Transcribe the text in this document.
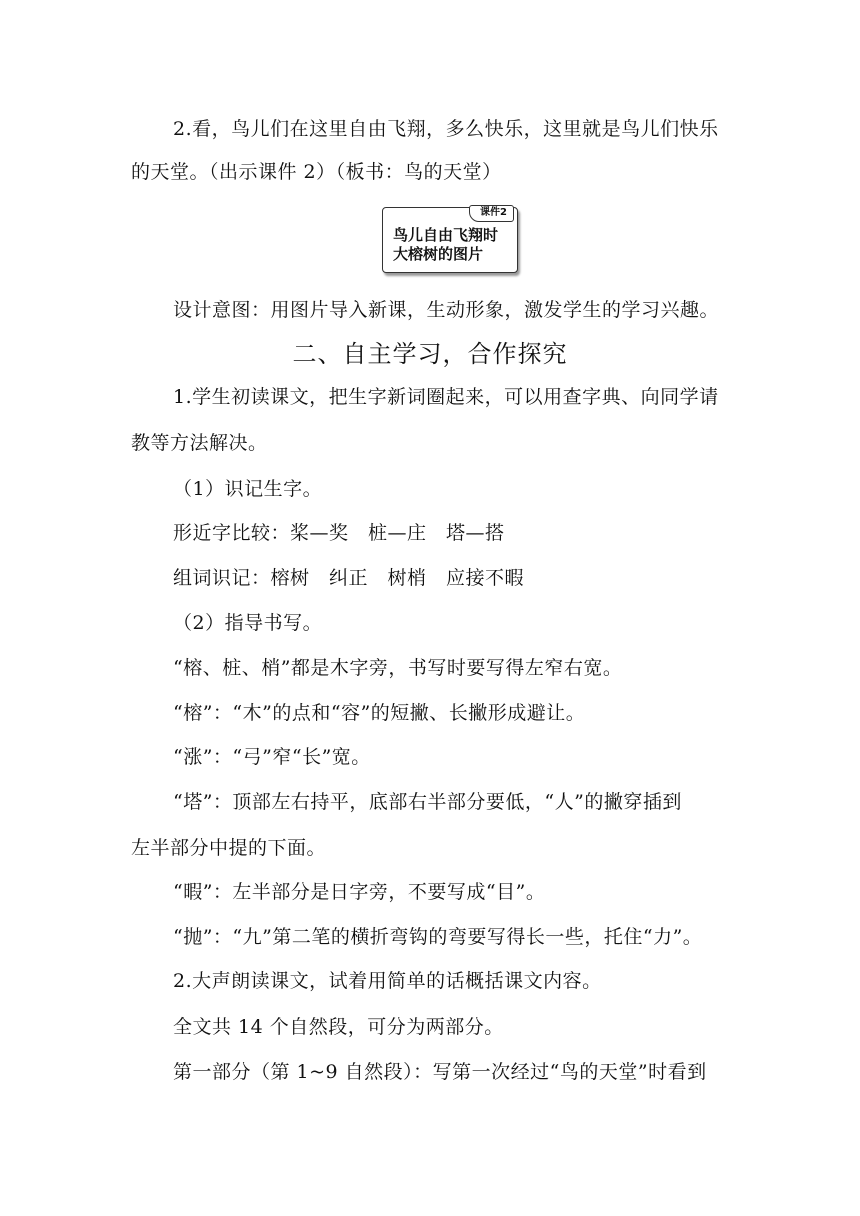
2.看，鸟儿们在这里自由飞翔，多么快乐，这里就是鸟儿们快乐
的天堂。（出示课件 2）（板书：鸟的天堂）
课件2
鸟儿自由飞翔时
大榕树的图片
设计意图：用图片导入新课，生动形象，激发学生的学习兴趣。
二、自主学习，合作探究
1.学生初读课文，把生字新词圈起来，可以用查字典、向同学请
教等方法解决。
（1）识记生字。
形近字比较：桨—奖　桩—庄　塔—搭
组词识记：榕树　纠正　树梢　应接不暇
（2）指导书写。
“榕、桩、梢”都是木字旁，书写时要写得左窄右宽。
“榕”：“木”的点和“容”的短撇、长撇形成避让。
“涨”：“弓”窄“长”宽。
“塔”：顶部左右持平，底部右半部分要低，“人”的撇穿插到
左半部分中提的下面。
“暇”：左半部分是日字旁，不要写成“目”。
“抛”：“九”第二笔的横折弯钩的弯要写得长一些，托住“力”。
2.大声朗读课文，试着用简单的话概括课文内容。
全文共 14 个自然段，可分为两部分。
第一部分（第 1~9 自然段）：写第一次经过“鸟的天堂”时看到
